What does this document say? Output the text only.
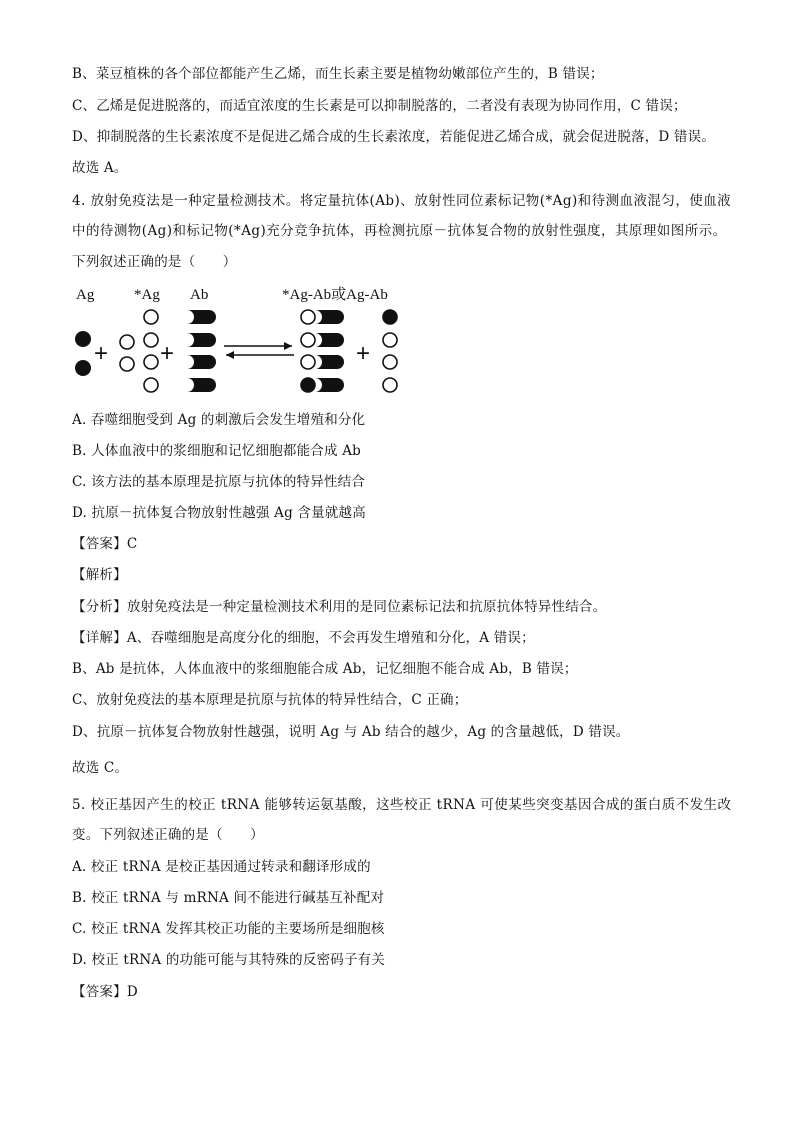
B、菜豆植株的各个部位都能产生乙烯，而生长素主要是植物幼嫩部位产生的，B 错误；
C、乙烯是促进脱落的，而适宜浓度的生长素是可以抑制脱落的，二者没有表现为协同作用，C 错误；
D、抑制脱落的生长素浓度不是促进乙烯合成的生长素浓度，若能促进乙烯合成，就会促进脱落，D 错误。
故选 A。
4. 放射免疫法是一种定量检测技术。将定量抗体(Ab)、放射性同位素标记物(*Ag)和待测血液混匀，使血液
中的待测物(Ag)和标记物(*Ag)充分竞争抗体，再检测抗原－抗体复合物的放射性强度，其原理如图所示。
下列叙述正确的是（　　）
Ag	*Ag Ab	*Ag-Ab或Ag-Ab
+ +	+
A. 吞噬细胞受到 Ag 的刺激后会发生增殖和分化
B. 人体血液中的浆细胞和记忆细胞都能合成 Ab
C. 该方法的基本原理是抗原与抗体的特异性结合
D. 抗原－抗体复合物放射性越强 Ag 含量就越高
【答案】C
【解析】
【分析】放射免疫法是一种定量检测技术利用的是同位素标记法和抗原抗体特异性结合。
【详解】A、吞噬细胞是高度分化的细胞，不会再发生增殖和分化，A 错误；
B、Ab 是抗体，人体血液中的浆细胞能合成 Ab，记忆细胞不能合成 Ab，B 错误；
C、放射免疫法的基本原理是抗原与抗体的特异性结合，C 正确；
D、抗原－抗体复合物放射性越强，说明 Ag 与 Ab 结合的越少，Ag 的含量越低，D 错误。
故选 C。
5. 校正基因产生的校正 tRNA 能够转运氨基酸，这些校正 tRNA 可使某些突变基因合成的蛋白质不发生改
变。下列叙述正确的是（　　）
A. 校正 tRNA 是校正基因通过转录和翻译形成的
B. 校正 tRNA 与 mRNA 间不能进行碱基互补配对
C. 校正 tRNA 发挥其校正功能的主要场所是细胞核
D. 校正 tRNA 的功能可能与其特殊的反密码子有关
【答案】D
